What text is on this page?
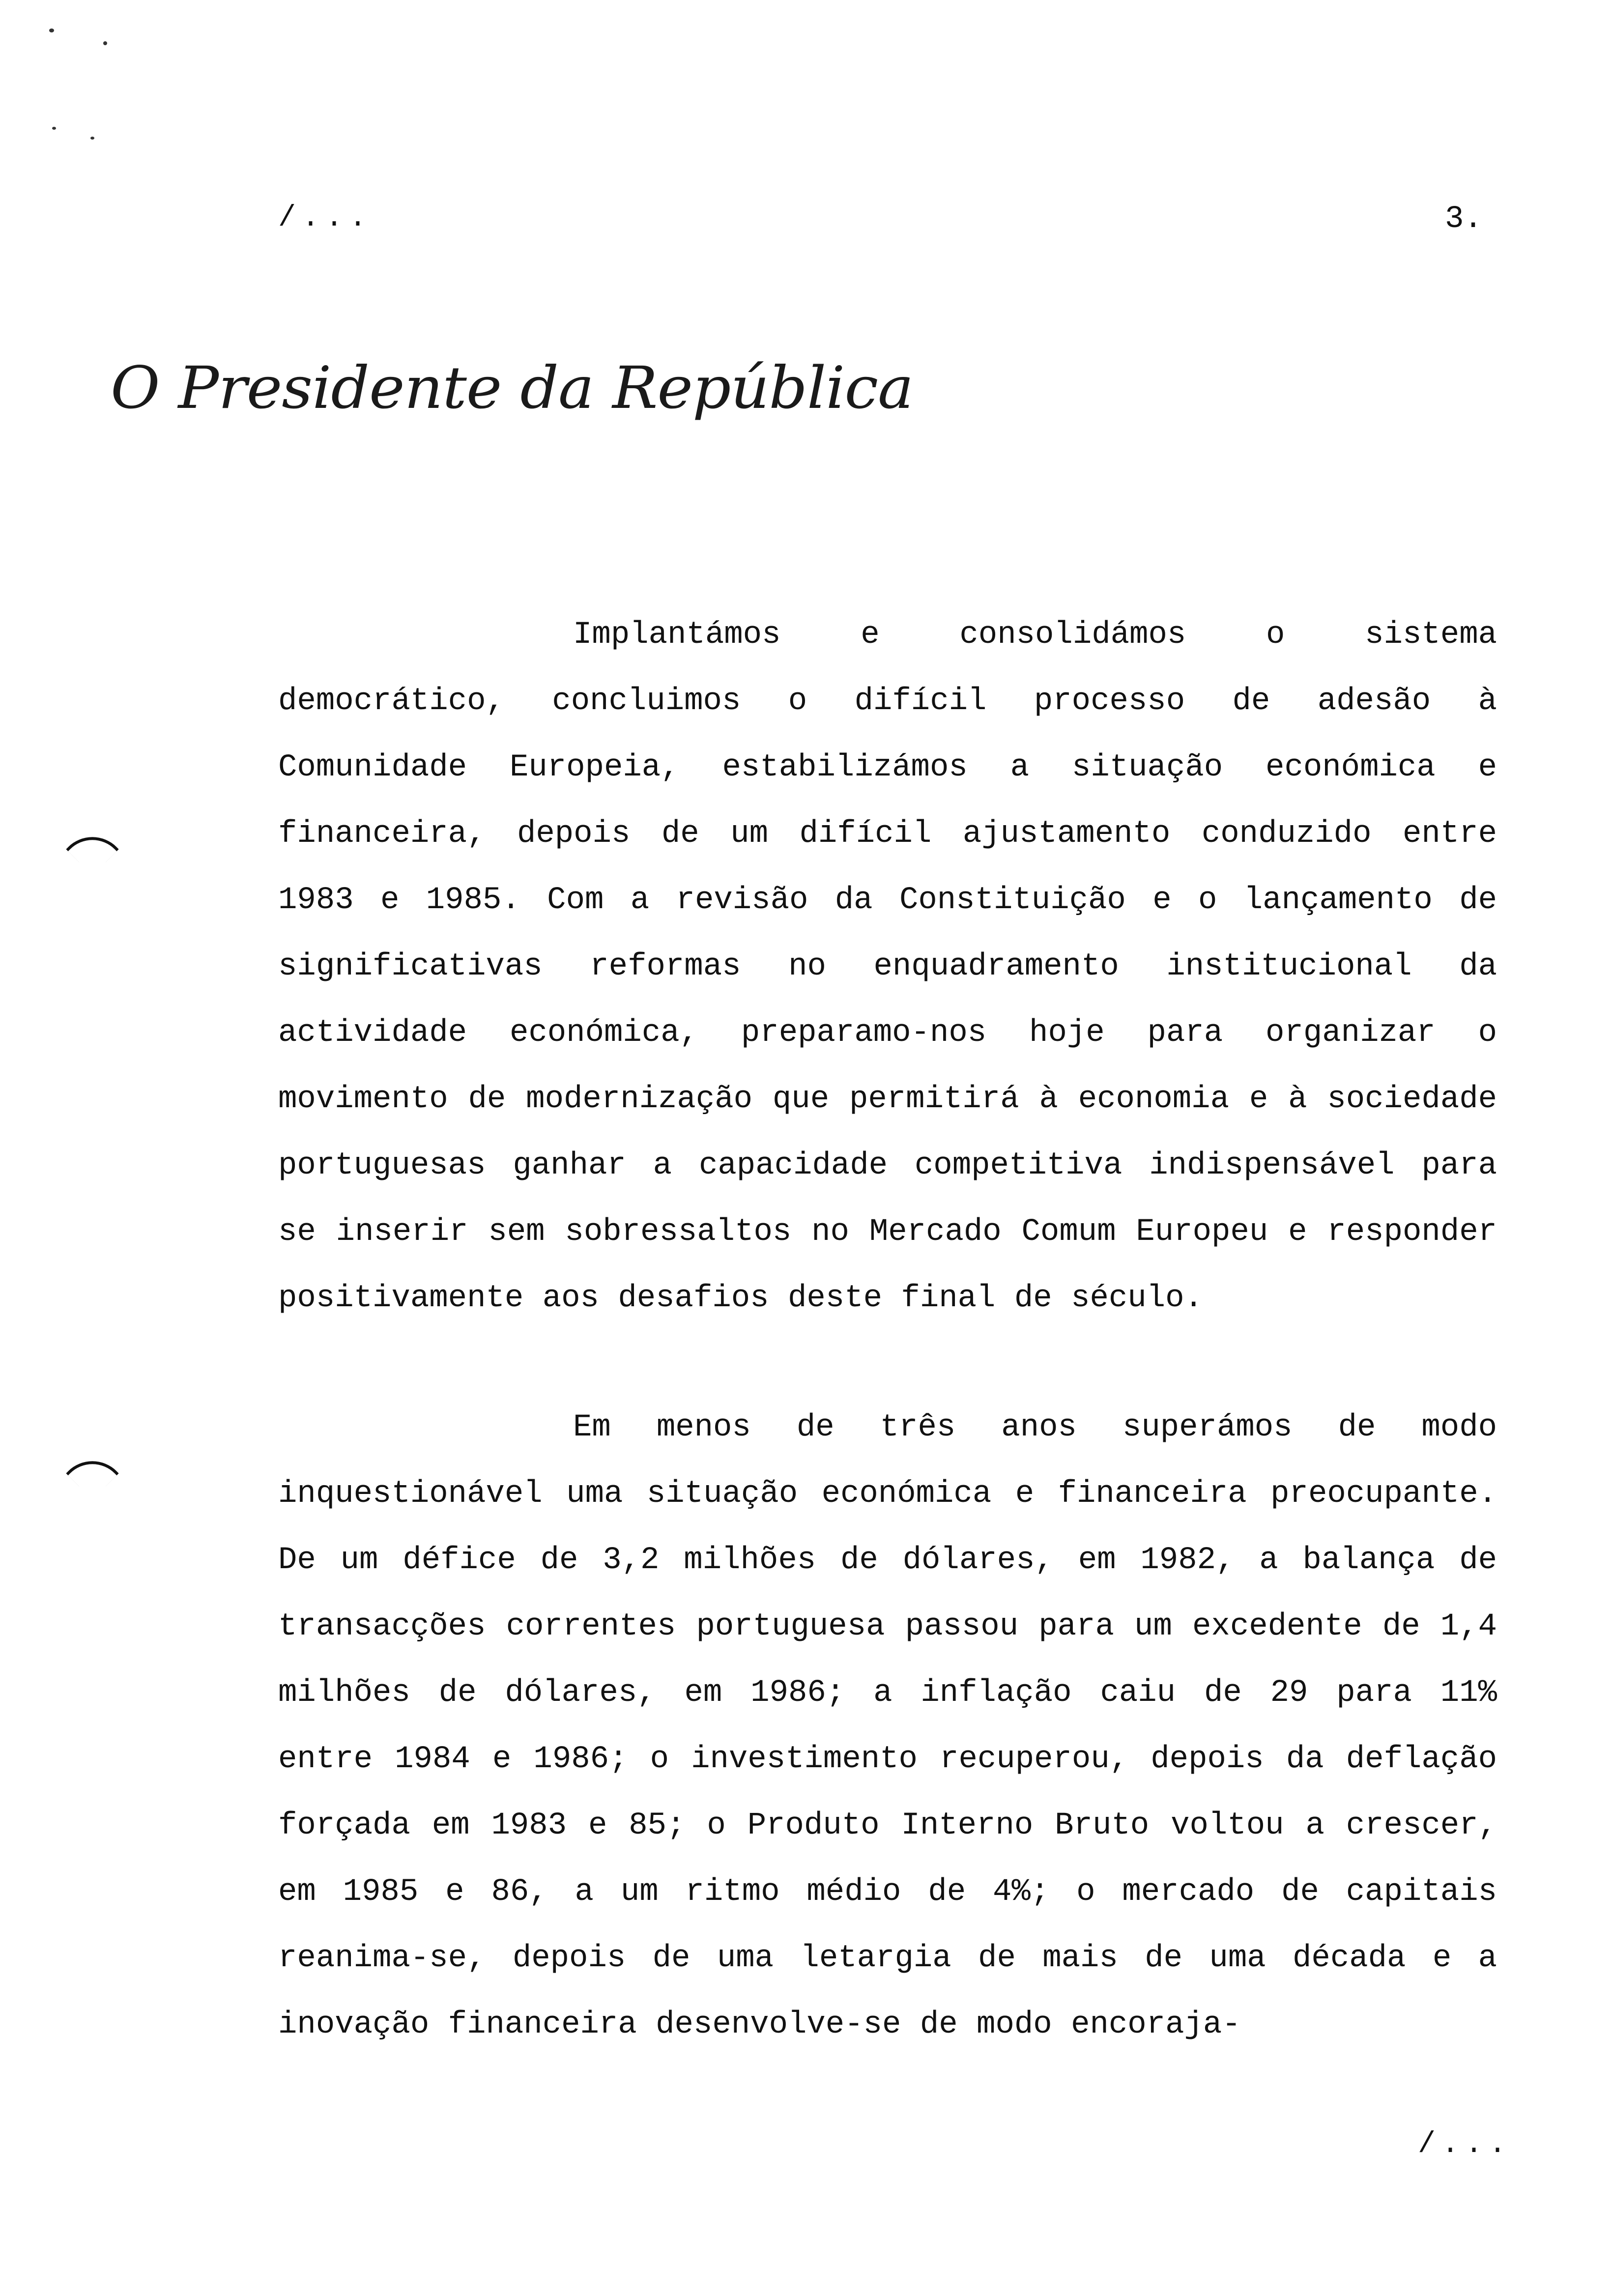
/...	3.
O Presidente da República

Implantámos e consolidámos o sistema democrático, concluimos o difícil processo de adesão à Comunidade Europeia, estabilizámos a situação económica e financeira, depois de um difícil ajustamento conduzido entre 1983 e 1985. Com a revisão da Constituição e o lançamento de significativas reformas no enquadramento institucional da actividade económica, preparamo-nos hoje para organizar o movimento de modernização que permitirá à economia e à sociedade portuguesas ganhar a capacidade competitiva indispensável para se inserir sem sobressaltos no Mercado Comum Europeu e responder positivamente aos desafios deste final de século.

Em menos de três anos superámos de modo inquestionável uma situação económica e financeira preocupante. De um défice de 3,2 milhões de dólares, em 1982, a balança de transacções correntes portuguesa passou para um excedente de 1,4 milhões de dólares, em 1986; a inflação caiu de 29 para 11% entre 1984 e 1986; o investimento recuperou, depois da deflação forçada em 1983 e 85; o Produto Interno Bruto voltou a crescer, em 1985 e 86, a um ritmo médio de 4%; o mercado de capitais reanima-se, depois de uma letargia de mais de uma década e a inovação financeira desenvolve-se de modo encoraja-

/...
